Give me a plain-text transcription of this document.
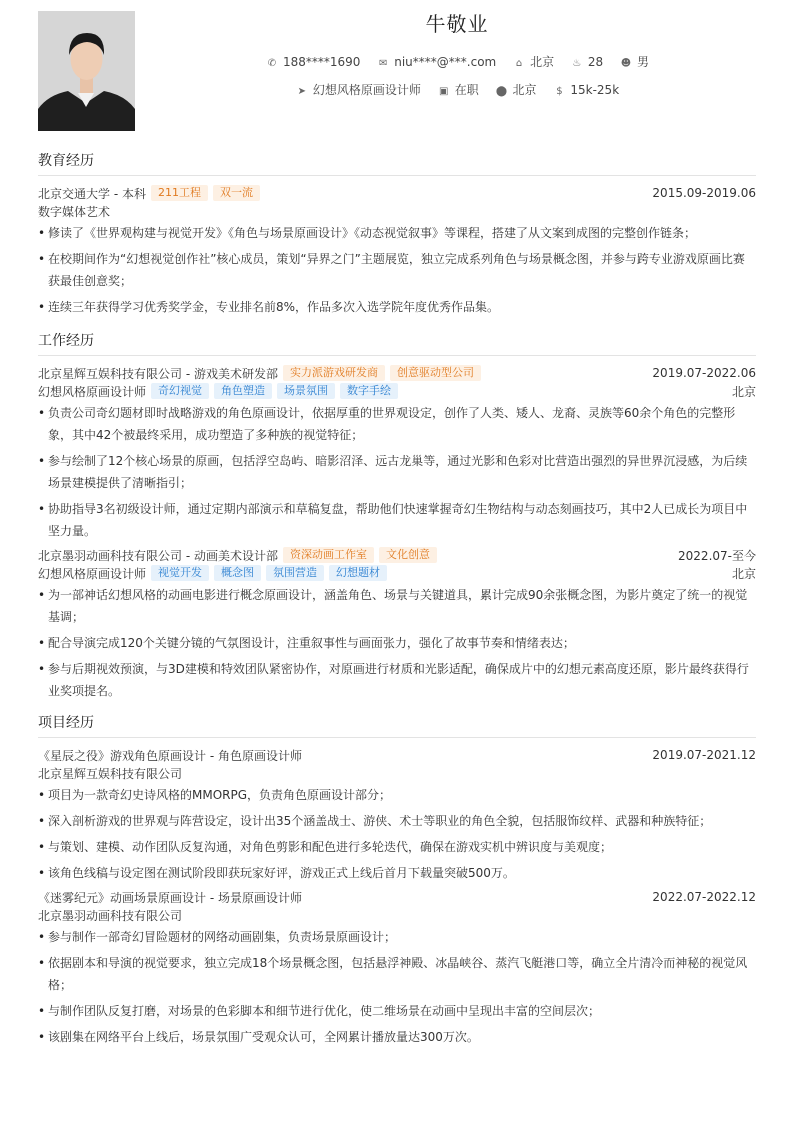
牛敬业
✆ 188****1690 ✉ niu****@***.com ⌂ 北京 ♨ 28 ☻ 男
➤ 幻想风格原画设计师 ▣ 在职 ⬤ 北京 $ 15k-25k
教育经历
北京交通大学 - 本科	211工程	双一流	2015.09-2019.06
数字媒体艺术
• 修读了《世界观构建与视觉开发》《角色与场景原画设计》《动态视觉叙事》等课程，搭建了从文案到成图的完整创作链条；
• 在校期间作为“幻想视觉创作社”核心成员，策划“异界之门”主题展览，独立完成系列角色与场景概念图，并参与跨专业游戏原画比赛获最佳创意奖；
• 连续三年获得学习优秀奖学金，专业排名前8%，作品多次入选学院年度优秀作品集。
工作经历
北京星辉互娱科技有限公司 - 游戏美术研发部	实力派游戏研发商	创意驱动型公司	2019.07-2022.06
幻想风格原画设计师	奇幻视觉	角色塑造	场景氛围	数字手绘	北京
• 负责公司奇幻题材即时战略游戏的角色原画设计，依据厚重的世界观设定，创作了人类、矮人、龙裔、灵族等60余个角色的完整形象，其中42个被最终采用，成功塑造了多种族的视觉特征；
• 参与绘制了12个核心场景的原画，包括浮空岛屿、暗影沼泽、远古龙巢等，通过光影和色彩对比营造出强烈的异世界沉浸感，为后续场景建模提供了清晰指引；
• 协助指导3名初级设计师，通过定期内部演示和草稿复盘，帮助他们快速掌握奇幻生物结构与动态刻画技巧，其中2人已成长为项目中坚力量。
北京墨羽动画科技有限公司 - 动画美术设计部	资深动画工作室	文化创意	2022.07-至今
幻想风格原画设计师	视觉开发	概念图	氛围营造	幻想题材	北京
• 为一部神话幻想风格的动画电影进行概念原画设计，涵盖角色、场景与关键道具，累计完成90余张概念图，为影片奠定了统一的视觉基调；
• 配合导演完成120个关键分镜的气氛图设计，注重叙事性与画面张力，强化了故事节奏和情绪表达；
• 参与后期视效预演，与3D建模和特效团队紧密协作，对原画进行材质和光影适配，确保成片中的幻想元素高度还原，影片最终获得行业奖项提名。
项目经历
《星辰之役》游戏角色原画设计 - 角色原画设计师	2019.07-2021.12
北京星辉互娱科技有限公司
• 项目为一款奇幻史诗风格的MMORPG，负责角色原画设计部分；
• 深入剖析游戏的世界观与阵营设定，设计出35个涵盖战士、游侠、术士等职业的角色全貌，包括服饰纹样、武器和种族特征；
• 与策划、建模、动作团队反复沟通，对角色剪影和配色进行多轮迭代，确保在游戏实机中辨识度与美观度；
• 该角色线稿与设定图在测试阶段即获玩家好评，游戏正式上线后首月下载量突破500万。
《迷雾纪元》动画场景原画设计 - 场景原画设计师	2022.07-2022.12
北京墨羽动画科技有限公司
• 参与制作一部奇幻冒险题材的网络动画剧集，负责场景原画设计；
• 依据剧本和导演的视觉要求，独立完成18个场景概念图，包括悬浮神殿、冰晶峡谷、蒸汽飞艇港口等，确立全片清冷而神秘的视觉风格；
• 与制作团队反复打磨，对场景的色彩脚本和细节进行优化，使二维场景在动画中呈现出丰富的空间层次；
• 该剧集在网络平台上线后，场景氛围广受观众认可，全网累计播放量达300万次。
